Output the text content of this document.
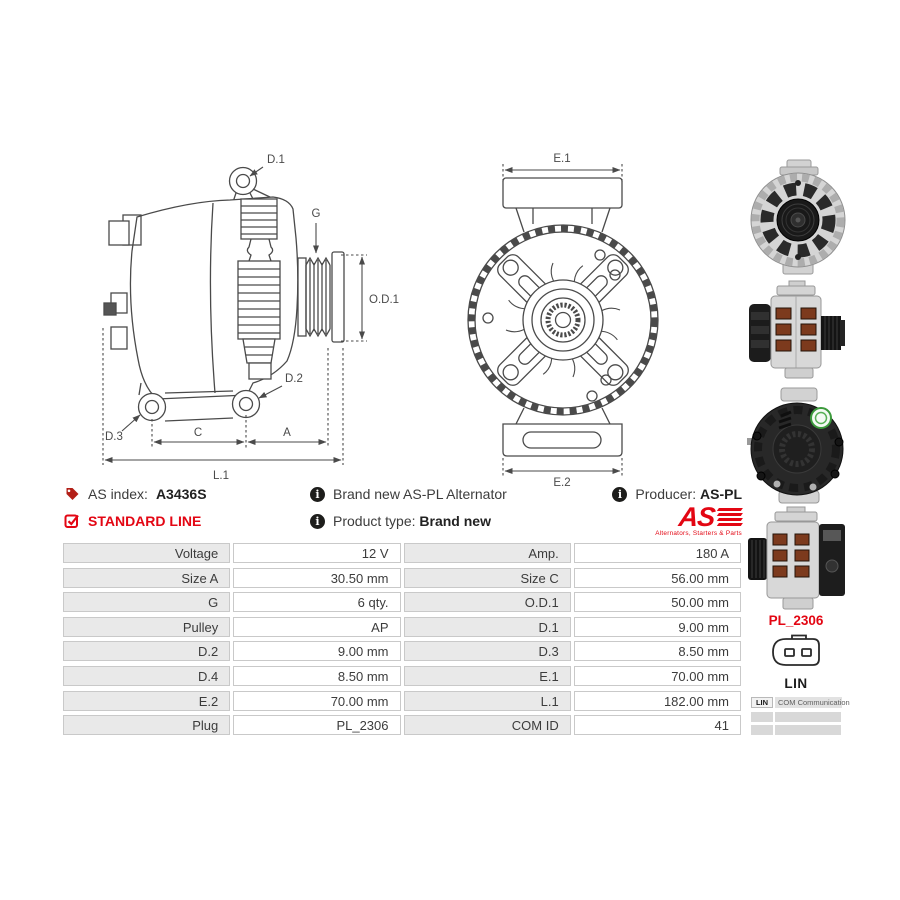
D.1
G
O.D.1
D.2
D.3	C	A
L.1
E.1
E.2
AS index: A3436S
STANDARD LINE
i Brand new AS-PL Alternator
i Product type: Brand new
i Producer: AS-PL
AS
Alternators, Starters & Parts
Voltage	12 V	Amp.	180 A
Size A	30.50 mm	Size C	56.00 mm
G	6 qty.	O.D.1	50.00 mm
Pulley	AP	D.1	9.00 mm
D.2	9.00 mm	D.3	8.50 mm
D.4	8.50 mm	E.1	70.00 mm
E.2	70.00 mm	L.1	182.00 mm
Plug	PL_2306	COM ID	41
PL_2306
LIN
LIN	COM Communication
